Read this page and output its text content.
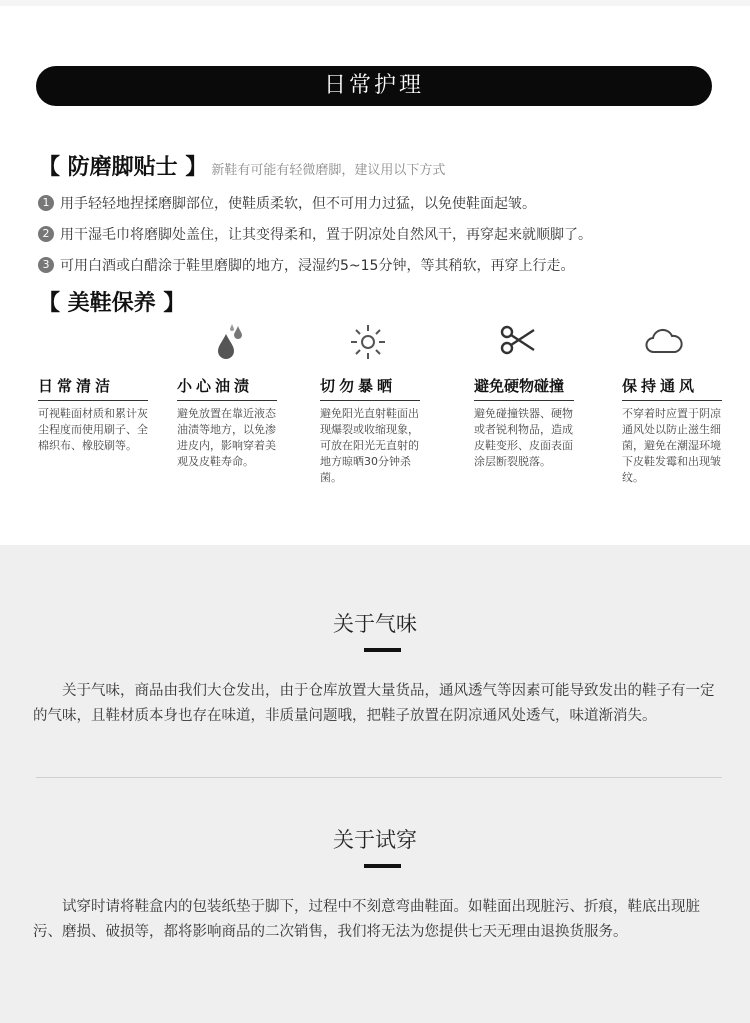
日常护理
【 防磨脚贴士 】 新鞋有可能有轻微磨脚，建议用以下方式
1 用手轻轻地捏揉磨脚部位，使鞋质柔软，但不可用力过猛，以免使鞋面起皱。
2 用干湿毛巾将磨脚处盖住，让其变得柔和，置于阴凉处自然风干，再穿起来就顺脚了。
3 可用白酒或白醋涂于鞋里磨脚的地方，浸湿约5~15分钟，等其稍软，再穿上行走。
【 美鞋保养 】
日常清洁
可视鞋面材质和累计灰尘程度而使用刷子、全棉织布、橡胶刷等。
小心油渍
避免放置在靠近液态油渍等地方，以免渗进皮内，影响穿着美观及皮鞋寿命。
切勿暴晒
避免阳光直射鞋面出现爆裂或收缩现象，可放在阳光无直射的地方晾晒30分钟杀菌。
避免硬物碰撞
避免碰撞铁器、硬物或者锐利物品，造成皮鞋变形、皮面表面涂层断裂脱落。
保持通风
不穿着时应置于阴凉通风处以防止滋生细菌，避免在潮湿环境下皮鞋发霉和出现皱纹。
关于气味
关于气味，商品由我们大仓发出，由于仓库放置大量货品，通风透气等因素可能导致发出的鞋子有一定的气味，且鞋材质本身也存在味道，非质量问题哦，把鞋子放置在阴凉通风处透气，味道渐消失。
关于试穿
试穿时请将鞋盒内的包装纸垫于脚下，过程中不刻意弯曲鞋面。如鞋面出现脏污、折痕，鞋底出现脏污、磨损、破损等，都将影响商品的二次销售，我们将无法为您提供七天无理由退换货服务。
